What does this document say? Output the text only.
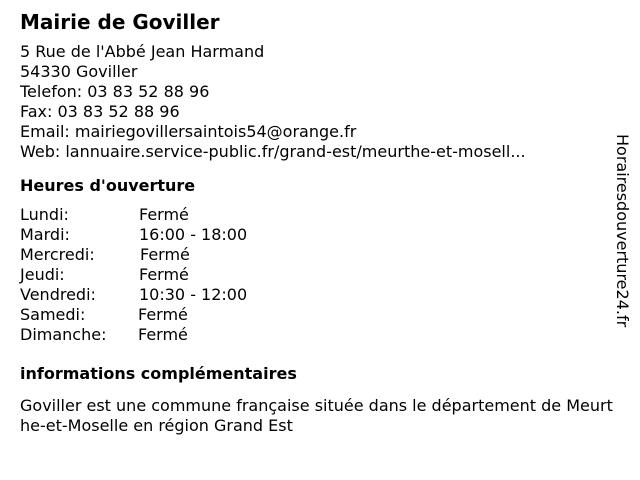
Mairie de Goviller
5 Rue de l'Abbé Jean Harmand
54330 Goviller
Telefon: 03 83 52 88 96
Fax: 03 83 52 88 96
Email: mairiegovillersaintois54@orange.fr
Web: lannuaire.service-public.fr/grand-est/meurthe-et-mosell...
Heures d'ouverture
Lundi:	Fermé
Mardi:	16:00 - 18:00
Mercredi:	Fermé
Jeudi:	Fermé
Vendredi:	10:30 - 12:00
Samedi:	Fermé
Dimanche: Fermé
informations complémentaires
Goviller est une commune française située dans le département de Meurthe-et-Moselle en région Grand Est
Horairesdouverture24.fr
